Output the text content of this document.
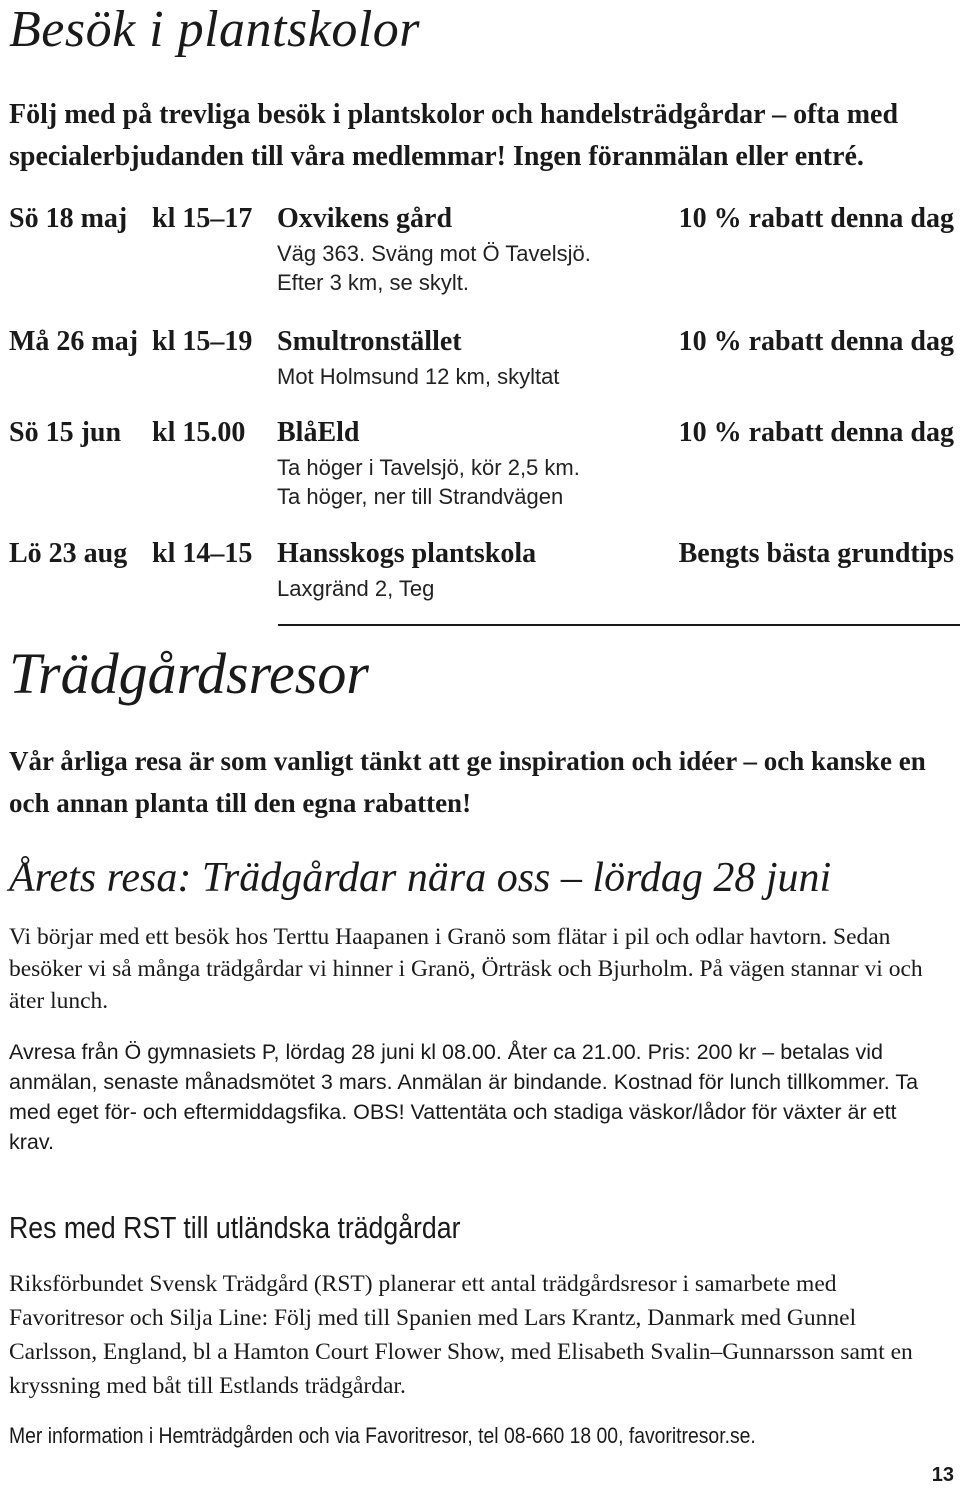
Besök i plantskolor

Följ med på trevliga besök i plantskolor och handelsträdgårdar – ofta med specialerbjudanden till våra medlemmar! Ingen föranmälan eller entré.

Sö 18 maj kl 15–17 Oxvikens gård	10 % rabatt denna dag

Väg 363. Sväng mot Ö Tavelsjö.

Efter 3 km, se skylt.

Må 26 maj kl 15–19 Smultronstället	10 % rabatt denna dag

Mot Holmsund 12 km, skyltat

Sö 15 jun kl 15.00 BlåEld	10 % rabatt denna dag

Ta höger i Tavelsjö, kör 2,5 km.

Ta höger, ner till Strandvägen

Lö 23 aug kl 14–15 Hansskogs plantskola	Bengts bästa grundtips

Laxgränd 2, Teg

Trädgårdsresor

Vår årliga resa är som vanligt tänkt att ge inspiration och idéer – och kanske en och annan planta till den egna rabatten!

Årets resa: Trädgårdar nära oss – lördag 28 juni

Vi börjar med ett besök hos Terttu Haapanen i Granö som flätar i pil och odlar havtorn. Sedan besöker vi så många trädgårdar vi hinner i Granö, Örträsk och Bjurholm. På vägen stannar vi och äter lunch.

Avresa från Ö gymnasiets P, lördag 28 juni kl 08.00. Åter ca 21.00. Pris: 200 kr – betalas vid anmälan, senaste månadsmötet 3 mars. Anmälan är bindande. Kostnad för lunch tillkommer. Ta med eget för- och eftermiddagsfika. OBS! Vattentäta och stadiga väskor/lådor för växter är ett krav.

Res med RST till utländska trädgårdar

Riksförbundet Svensk Trädgård (RST) planerar ett antal trädgårdsresor i samarbete med Favoritresor och Silja Line: Följ med till Spanien med Lars Krantz, Danmark med Gunnel Carlsson, England, bl a Hamton Court Flower Show, med Elisabeth Svalin–Gunnarsson samt en kryssning med båt till Estlands trädgårdar.

Mer information i Hemträdgården och via Favoritresor, tel 08-660 18 00, favoritresor.se.

13
